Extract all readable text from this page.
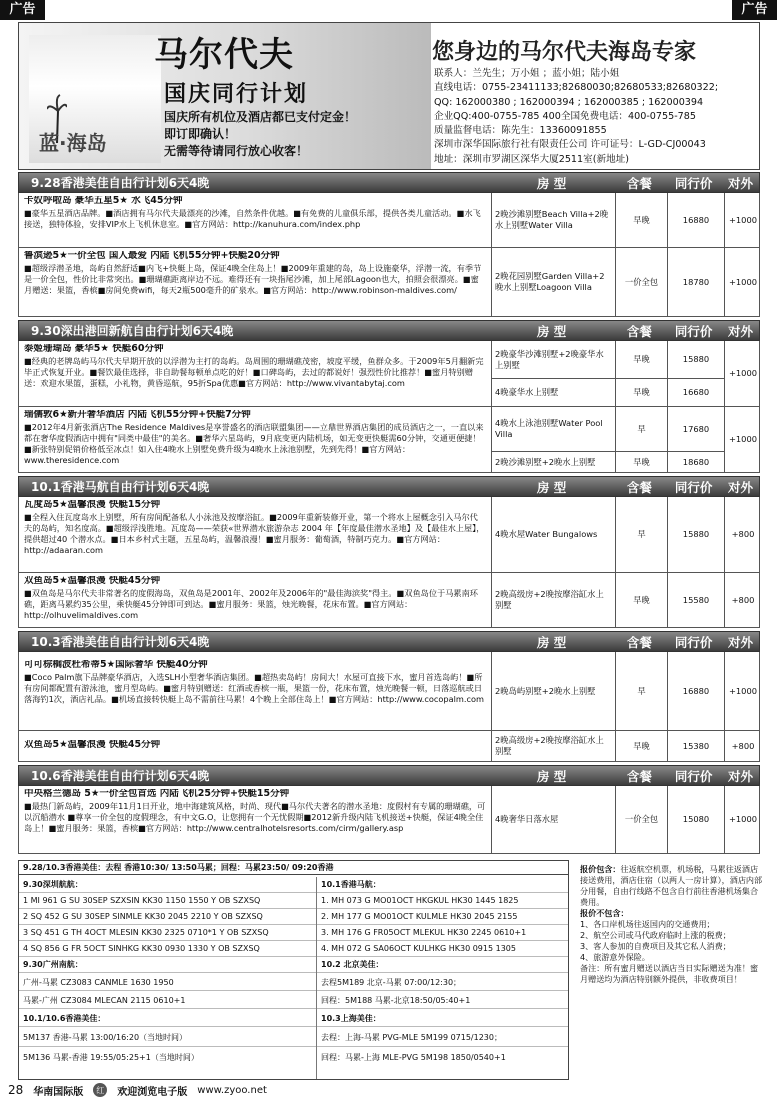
广告	广告
蓝·海岛
马尔代夫
国庆同行计划
国庆所有机位及酒店都已支付定金！
即订即确认！
无需等待请同行放心收客！
您身边的马尔代夫海岛专家
联系人：兰先生；万小姐 ；蓝小姐；陆小姐
直线电话：0755-23411133;82680030;82680533;82680322;
QQ: 162000380 ; 162000394 ; 162000385 ; 162000394
企业QQ:400-0755-785 400全国免费电话：400-0755-785
质量监督电话：陈先生：13360091855
深圳市深华国际旅行社有限责任公司 许可证号：L-GD-CJ00043
地址：深圳市罗湖区深华大厦2511室(新地址)
9.28香港美佳自由行计划6天4晚	房 型	含餐	同行价	对外
卡奴呼啦岛 豪华五星5★ 水飞45分钟
■豪华五星酒店品牌。■酒店拥有马尔代夫最漂亮的沙滩，自然条件优越。■有免费的儿童俱乐部，提供各类儿童活动。■水飞接送，独特体验，安排VIP水上飞机休息室。■官方网站：http://kanuhura.com/index.php
2晚沙滩别墅Beach Villa+2晚水上别墅Water Villa
早晚	16880	+1000
鲁滨逊5★一价全包 国人最爱 内陆飞机55分钟+快艇20分钟
■超级浮潜圣地，岛屿自然舒适■内飞+快艇上岛，保证4晚全住岛上！■2009年重建的岛，岛上设施豪华，浮潜一流，有季节是一价全包，性价比非常突出。■珊瑚礁距离岸边不远。难得还有一块指尾沙滩，加上尾部Lagoon也大，拍照会很漂亮。■蜜月赠送：果篮，香槟■房间免费wifi，每天2瓶500毫升的矿泉水。■官方网站：http://www.robinson-maldives.com/
2晚花园别墅Garden Villa+2晚水上别墅Loagoon Villa
一价全包	18780	+1000
9.30深出港回新航自由行计划6天4晚	房 型	含餐	同行价	对外
泰姬珊瑚岛 豪华5★ 快艇60分钟
■经典的老牌岛屿马尔代夫早期开放的以浮潜为主打的岛屿。岛周围的珊瑚礁茂密，坡度平缓，鱼群众多。于2009年5月翻新完毕正式恢复开业。■餐饮最佳选择，非自助餐每顿单点吃的好！■口碑岛屿，去过的都说好！强烈性价比推荐！■蜜月特别赠送：欢迎水果篮，蛋糕，小礼物，黄昏巡航，95折Spa优惠■官方网站：http://www.vivantabytaj.com
2晚豪华沙滩别墅+2晚豪华水上别墅
早晚	15880
4晚豪华水上别墅	早晚	16680
+1000
瑞儒敦6★新开奢华酒店 内陆飞机55分钟+快艇7分钟
■2012年4月新张酒店The Residence Maldives是享誉盛名的酒店联盟集团——立鼎世界酒店集团的成员酒店之一，一直以来都在奢华度假酒店中拥有"同类中最佳"的美名。■奢华六星岛屿，9月底变更内陆机场，如无变更快艇需60分钟，交通更便捷！■新张特别促销价格低至冰点！如入住4晚水上别墅免费升级为4晚水上泳池别墅，先到先得！■官方网站：www.theresidence.com
4晚水上泳池别墅Water Pool Villa
早	17680
2晚沙滩别墅+2晚水上别墅	早晚	18680
+1000
10.1香港马航自由行计划6天4晚	房 型	含餐	同行价	对外
瓦度岛5★温馨浪漫 快艇15分钟
■全程入住瓦度岛水上别墅，所有房间配备私人小泳池及按摩浴缸。■2009年重新装修开业，第一个将水上屋概念引入马尔代夫的岛屿，知名度高。■超级浮浅胜地。瓦度岛——荣获«世界潜水旅游杂志 2004 年【年度最佳潜水圣地】及【最佳水上屋】，提供超过40 个潜水点。■日本乡村式主题，五星岛屿，温馨浪漫！■蜜月服务：葡萄酒，特制巧克力。■官方网站：http://adaaran.com
4晚水屋Water Bungalows	早	15880	+800
双鱼岛5★温馨浪漫 快艇45分钟
■双鱼岛是马尔代夫非常著名的度假海岛，双鱼岛是2001年、2002年及2006年的"最佳海滨奖"得主。■双鱼岛位于马累南环礁，距离马累约35公里，乘快艇45分钟即可到达。■蜜月服务：果篮，烛光晚餐，花床布置。■官方网站：http://olhuvelimaldives.com
2晚高级房+2晚按摩浴缸水上别墅
早晚	15580	+800
10.3香港美佳自由行计划6天4晚	房 型	含餐	同行价	对外
可可棕榈波杜希蒂5★国际奢华 快艇40分钟
■Coco Palm旗下品牌豪华酒店，入选SLH小型奢华酒店集团。■超热卖岛屿！房间大！水屋可直接下水，蜜月首选岛屿！■所有房间都配置有游泳池，蜜月型岛屿。■蜜月特别赠送：红酒或香槟一瓶，果篮一份，花床布置，烛光晚餐一顿，日落巡航或日落海钓1次，酒店礼品。■机场直接转快艇上岛不需前往马累！4个晚上全部住岛上！■官方网站：http://www.cocopalm.com
2晚岛屿别墅+2晚水上别墅	早	16880	+1000
双鱼岛5★温馨浪漫 快艇45分钟	2晚高级房+2晚按摩浴缸水上别墅
早晚	15380	+800
10.6香港美佳自由行计划6天4晚	房 型	含餐	同行价	对外
中央格兰德岛 5★一价全包首选 内陆飞机25分钟+快艇15分钟
■最热门新岛屿，2009年11月1日开业，地中海建筑风格，时尚、现代■马尔代夫著名的潜水圣地：度假村有专属的珊瑚礁，可以沉船潜水 ■尊享一价全包的度假理念，有中文G.O，让您拥有一个无忧假期■2012新升级内陆飞机接送+快艇，保证4晚全住岛上！■蜜月服务：果篮，香槟■官方网站：http://www.centralhotelsresorts.com/cirm/gallery.asp
4晚奢华日落水屋	一价全包	15080	+1000
9.28/10.3香港美佳：去程 香港10:30/ 13:50马累；回程：马累23:50/ 09:20香港
9.30深圳航航：
1 MI 961 G SU 30SEP SZXSIN KK30 1150 1550 Y OB SZXSQ
2 SQ 452 G SU 30SEP SINMLE KK30 2045 2210 Y OB SZXSQ
3 SQ 451 G TH 4OCT MLESIN KK30 2325 0710*1 Y OB SZXSQ
4 SQ 856 G FR 5OCT SINHKG KK30 0930 1330 Y OB SZXSQ
9.30广州南航：
广州-马累 CZ3083 CANMLE 1630 1950
马累-广州 CZ3084 MLECAN 2115 0610+1
10.1/10.6香港美佳：
5M137 香港-马累 13:00/16:20（当地时间）
5M136 马累-香港 19:55/05:25+1（当地时间）
10.1香港马航：
1. MH 073 G MO01OCT HKGKUL HK30 1445 1825
2. MH 177 G MO01OCT KULMLE HK30 2045 2155
3. MH 176 G FR05OCT MLEKUL HK30 2245 0610+1
4. MH 072 G SA06OCT KULHKG HK30 0915 1305
10.2 北京美佳：
去程5M189 北京-马累 07:00/12:30；
回程：5M188 马累-北京18:50/05:40+1
10.3上海美佳：
去程：上海-马累 PVG-MLE 5M199 0715/1230；
回程：马累-上海 MLE-PVG 5M198 1850/0540+1
报价包含：往返航空机票，机场税，马累往返酒店接送费用，酒店住宿（以两人一房计算），酒店内部分用餐，自由行线路不包含自行前往香港机场集合费用。
报价不包含：
1、各口岸机场往返国内的交通费用；
2、航空公司或马代政府临时上涨的税费；
3、客人参加的自费项目及其它私人消费；
4、旅游意外保险。
备注：所有蜜月赠送以酒店当日实际赠送为准！蜜月赠送均为酒店特别额外提供，非收费项目！
28 华南国际版	红	欢迎浏览电子版 www.zyoo.net
